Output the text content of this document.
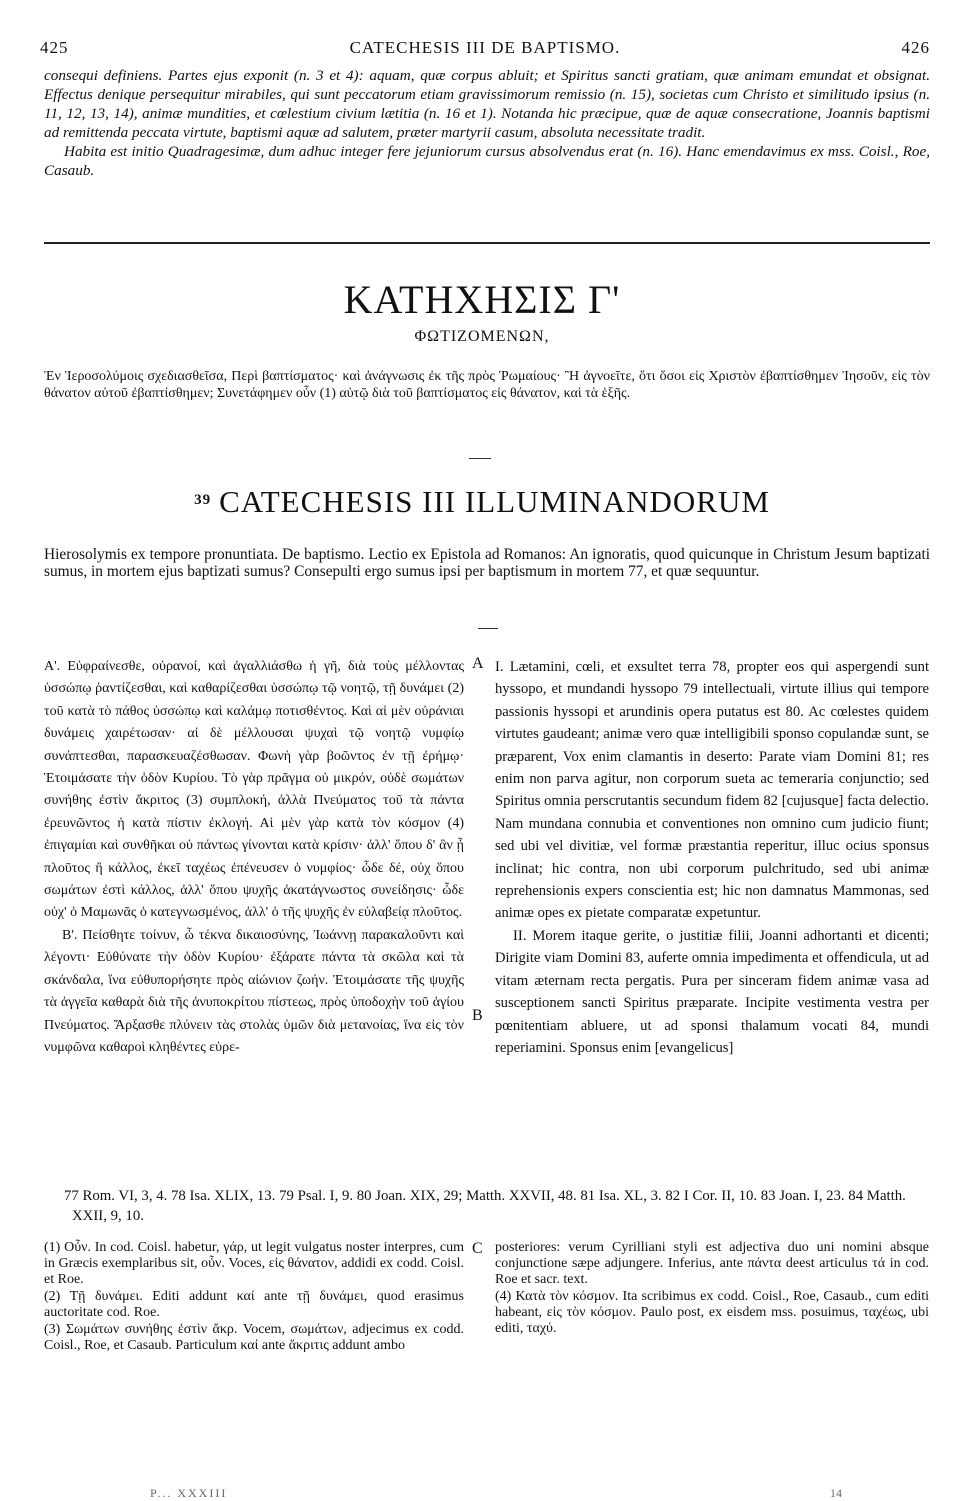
425	CATECHESIS III DE BAPTISMO.	426

consequi definiens. Partes ejus exponit (n. 3 et 4): aquam, quæ corpus abluit; et Spiritus sancti gratiam, quæ animam emundat et obsignat. Effectus denique persequitur mirabiles, qui sunt peccatorum etiam gravissimorum remissio (n. 15), societas cum Christo et similitudo ipsius (n. 11, 12, 13, 14), animæ mundities, et cœlestium civium lætitia (n. 16 et 1). Notanda hic præcipue, quæ de aquæ consecratione, Joannis baptismi ad remittenda peccata virtute, baptismi aquæ ad salutem, præter martyrii casum, absoluta necessitate tradit.

Habita est initio Quadragesimæ, dum adhuc integer fere jejuniorum cursus absolvendus erat (n. 16). Hanc emendavimus ex mss. Coisl., Roe, Casaub.

ΚΑΤΗΧΗΣΙΣ Γ'
ΦΩΤΙΖΟΜΕΝΩΝ,

Ἐν Ἱεροσολύμοις σχεδιασθεῖσα, Περὶ βαπτίσματος· καὶ ἀνάγνωσις ἐκ τῆς πρὸς Ῥωμαίους· Ἢ ἀγνοεῖτε, ὅτι ὅσοι εἰς Χριστὸν ἐβαπτίσθημεν Ἰησοῦν, εἰς τὸν θάνατον αὐτοῦ ἐβαπτίσθημεν; Συνετάφημεν οὖν (1) αὐτῷ διὰ τοῦ βαπτίσματος εἰς θάνατον, καὶ τὰ ἑξῆς.

$^{39}$ CATECHESIS III ILLUMINANDORUM

Hierosolymis ex tempore pronuntiata. De baptismo. Lectio ex Epistola ad Romanos: An ignoratis, quod quicunque in Christum Jesum baptizati sumus, in mortem ejus baptizati sumus? Consepulti ergo sumus ipsi per baptismum in mortem 77, et quæ sequuntur.

Α'. Εὐφραίνεσθε, οὐρανοί, καὶ ἀγαλλιάσθω ἡ γῆ, διὰ τοὺς μέλλοντας ὑσσώπῳ ῥαντίζεσθαι, καὶ καθαρίζεσθαι ὑσσώπῳ τῷ νοητῷ, τῇ δυνάμει (2) τοῦ κατὰ τὸ πάθος ὑσσώπῳ καὶ καλάμῳ ποτισθέντος. Καὶ αἱ μὲν οὐράνιαι δυνάμεις χαιρέτωσαν· αἱ δὲ μέλλουσαι ψυχαὶ τῷ νοητῷ νυμφίῳ συνάπτεσθαι, παρασκευαζέσθωσαν. Φωνὴ γὰρ βοῶντος ἐν τῇ ἐρήμῳ· Ἑτοιμάσατε τὴν ὁδὸν Κυρίου. Τὸ γὰρ πρᾶγμα οὐ μικρόν, οὐδὲ σωμάτων συνήθης ἐστὶν ἄκριτος (3) συμπλοκή, ἀλλὰ Πνεύματος τοῦ τὰ πάντα ἐρευνῶντος ἡ κατὰ πίστιν ἐκλογή. Αἱ μὲν γὰρ κατὰ τὸν κόσμον (4) ἐπιγαμίαι καὶ συνθῆκαι οὐ πάντως γίνονται κατὰ κρίσιν· ἀλλ' ὅπου δ' ἂν ᾖ πλοῦτος ἢ κάλλος, ἐκεῖ ταχέως ἐπένευσεν ὁ νυμφίος· ὧδε δέ, οὐχ ὅπου σωμάτων ἐστὶ κάλλος, ἀλλ' ὅπου ψυχῆς ἀκατάγνωστος συνείδησις· ὧδε οὐχ' ὁ Μαμωνᾶς ὁ κατεγνωσμένος, ἀλλ' ὁ τῆς ψυχῆς ἐν εὐλαβείᾳ πλοῦτος.

Β'. Πείσθητε τοίνυν, ὦ τέκνα δικαιοσύνης, Ἰωάννῃ παρακαλοῦντι καὶ λέγοντι· Εὐθύνατε τὴν ὁδὸν Κυρίου· ἐξάρατε πάντα τὰ σκῶλα καὶ τὰ σκάνδαλα, ἵνα εὐθυπορήσητε πρὸς αἰώνιον ζωήν. Ἑτοιμάσατε τῆς ψυχῆς τὰ ἀγγεῖα καθαρὰ διὰ τῆς ἀνυποκρίτου πίστεως, πρὸς ὑποδοχὴν τοῦ ἁγίου Πνεύματος. Ἄρξασθε πλύνειν τὰς στολὰς ὑμῶν διὰ μετανοίας, ἵνα εἰς τὸν νυμφῶνα καθαροὶ κληθέντες εὑρε-

A
B

I. Lætamini, cœli, et exsultet terra 78, propter eos qui aspergendi sunt hyssopo, et mundandi hyssopo 79 intellectuali, virtute illius qui tempore passionis hyssopi et arundinis opera putatus est 80. Ac cœlestes quidem virtutes gaudeant; animæ vero quæ intelligibili sponso copulandæ sunt, se præparent, Vox enim clamantis in deserto: Parate viam Domini 81; res enim non parva agitur, non corporum sueta ac temeraria conjunctio; sed Spiritus omnia perscrutantis secundum fidem 82 [cujusque] facta delectio. Nam mundana connubia et conventiones non omnino cum judicio fiunt; sed ubi vel divitiæ, vel formæ præstantia reperitur, illuc ocius sponsus inclinat; hic contra, non ubi corporum pulchritudo, sed ubi animæ reprehensionis expers conscientia est; hic non damnatus Mammonas, sed animæ opes ex pietate comparatæ expetuntur.

II. Morem itaque gerite, o justitiæ filii, Joanni adhortanti et dicenti; Dirigite viam Domini 83, auferte omnia impedimenta et offendicula, ut ad vitam æternam recta pergatis. Pura per sinceram fidem animæ vasa ad susceptionem sancti Spiritus præparate. Incipite vestimenta vestra per pœnitentiam abluere, ut ad sponsi thalamum vocati 84, mundi reperiamini. Sponsus enim [evangelicus]

77 Rom. VI, 3, 4. 78 Isa. XLIX, 13. 79 Psal. I, 9. 80 Joan. XIX, 29; Matth. XXVII, 48. 81 Isa. XL, 3. 82 I Cor. II, 10. 83 Joan. I, 23. 84 Matth. XXII, 9, 10.

(1) Οὖν. In cod. Coisl. habetur, γάρ, ut legit vulgatus noster interpres, cum in Græcis exemplaribus sit, οὖν. Voces, εἰς θάνατον, addidi ex codd. Coisl. et Roe.

(2) Τῇ δυνάμει. Editi addunt καί ante τῇ δυνάμει, quod erasimus auctoritate cod. Roe.

(3) Σωμάτων συνήθης ἐστὶν ἄκρ. Vocem, σωμάτων, adjecimus ex codd. Coisl., Roe, et Casaub. Particulum καί ante ἄκριτις addunt ambo

C posteriores: verum Cyrilliani styli est adjectiva duo uni nomini absque conjunctione sæpe adjungere. Inferius, ante πάντα deest articulus τά in cod. Roe et sacr. text.

(4) Κατὰ τὸν κόσμον. Ita scribimus ex codd. Coisl., Roe, Casaub., cum editi habeant, εἰς τὸν κόσμον. Paulo post, ex eisdem mss. posuimus, ταχέως, ubi editi, ταχύ.

P... XXXIII	14
